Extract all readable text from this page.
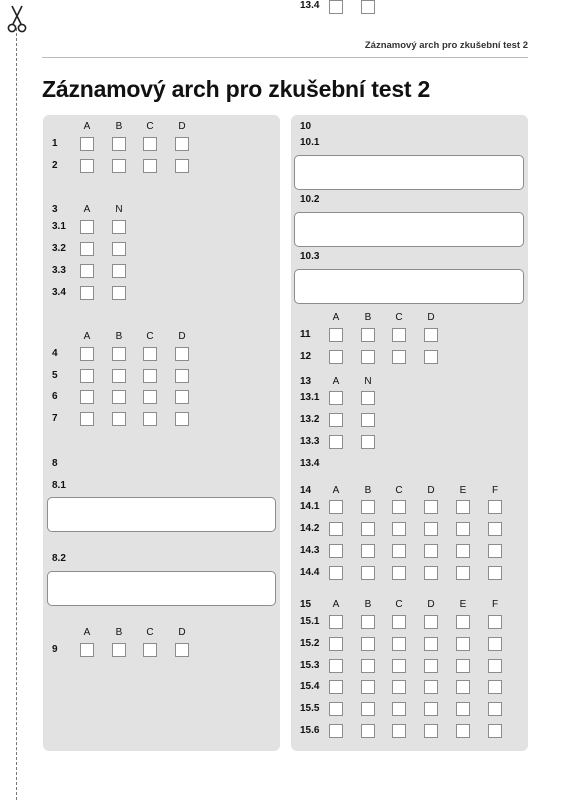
Záznamový arch pro zkušební test 2
Záznamový arch pro zkušební test 2
A	B	C	D
1
2
3	A	N
3.1
3.2
3.3
3.4
A	B	C	D
4
5
6
7
8
8.1
8.2
A	B	C	D
9
10
10.1
10.2
10.3
A	B	C	D
11
12
13	A	N
13.1
13.2
13.3
13.4
13.4
14	A	B	C	D	E	F
14.1
14.2
14.3
14.4
15	A	B	C	D	E	F
15.1
15.2
15.3
15.4
15.5
15.6
